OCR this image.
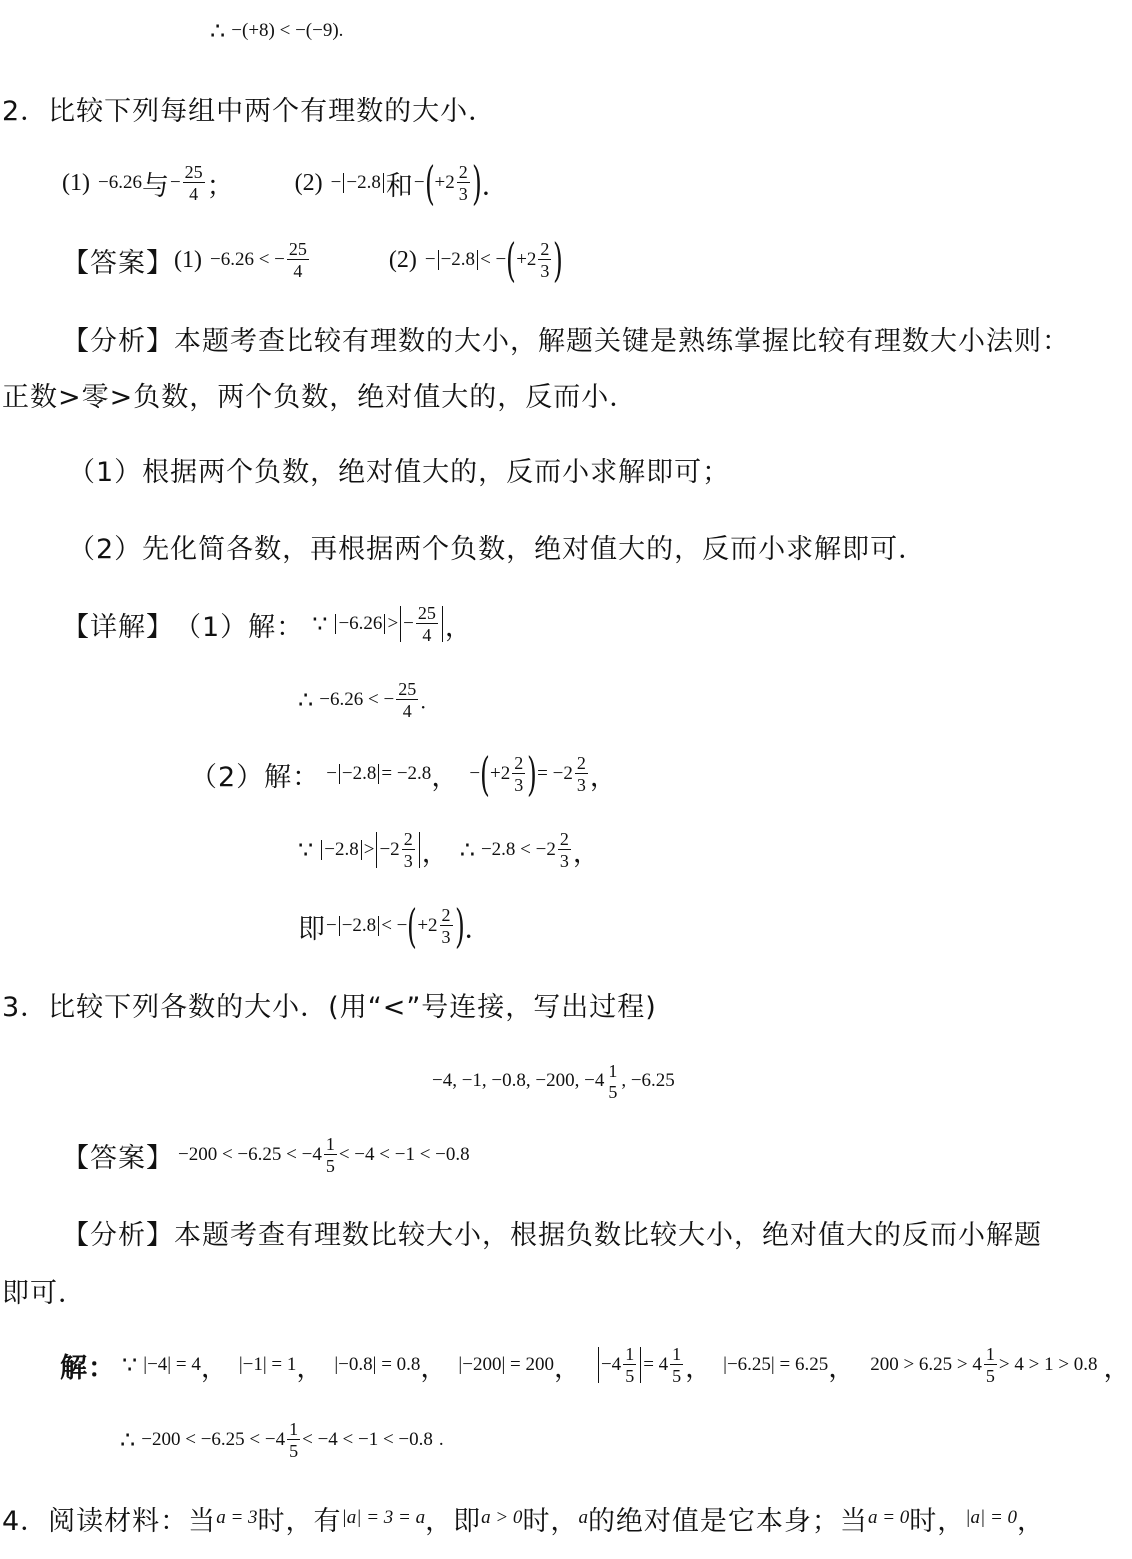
∴ −(+8) < −(−9) .
2．比较下列每组中两个有理数的大小．
(1) −6.26 与 − $\frac{25}{4}$ ；	(2) − −2.8 和 − ( $+2 \frac{2}{3}$ ) ．
【答案】 (1) −6.26 < − $\frac{25}{4}$	(2) − −2.8 < − ( $+2 \frac{2}{3}$ )
【分析】 本题考查比较有理数的大小，解题关键是熟练掌握比较有理数大小法则：
正数>零>负数，两个负数，绝对值大的，反而小．
（1）根据两个负数，绝对值大的，反而小求解即可；
（2）先化简各数，再根据两个负数，绝对值大的，反而小求解即可．
【详解】 （1）解： ∵ −6.26 > − $\frac{25}{4}$ ，
∴ −6.26 < − $\frac{25}{4}$ ．
（2）解： − −2.8 = −2.8 ， − ( $+2 \frac{2}{3}$ ) = $-2 \frac{2}{3}$ ，
∵ $-2.8 > -2 \frac{2}{3}$ ， ∴ $-2.8 < -2 \frac{2}{3}$ ，
即 − −2.8 < − ( $+2 \frac{2}{3}$ ) ．
3．比较下列各数的大小．(用“<”号连接，写出过程)
−4, −1, −0.8, −200, −4 1
5
, −6.25
【答案】 $-200 < -6.25 < -4 \frac{1}{5} < -4 < -1 < -0.8$
【分析】 本题考查有理数比较大小，根据负数比较大小，绝对值大的反而小解题
即可．
解： ∵ |−4| = 4 ， |−1| = 1 ， |−0.8| = 0.8 ， |−200| = 200 ， $-4 \frac{1}{5} = 4 \frac{1}{5}$ ， |−6.25| = 6.25 ， $200 > 6.25 > 4 \frac{1}{5} > 4 > 1 > 0.8$ ，
∴ $-200 < -6.25 < -4 \frac{1}{5} < -4 < -1 < -0.8$ .
4．阅读材料：当 a = 3 时，有 |a| = 3 = a ，即 a > 0 时， a 的绝对值是它本身；当 a = 0 时， |a| = 0 ，
